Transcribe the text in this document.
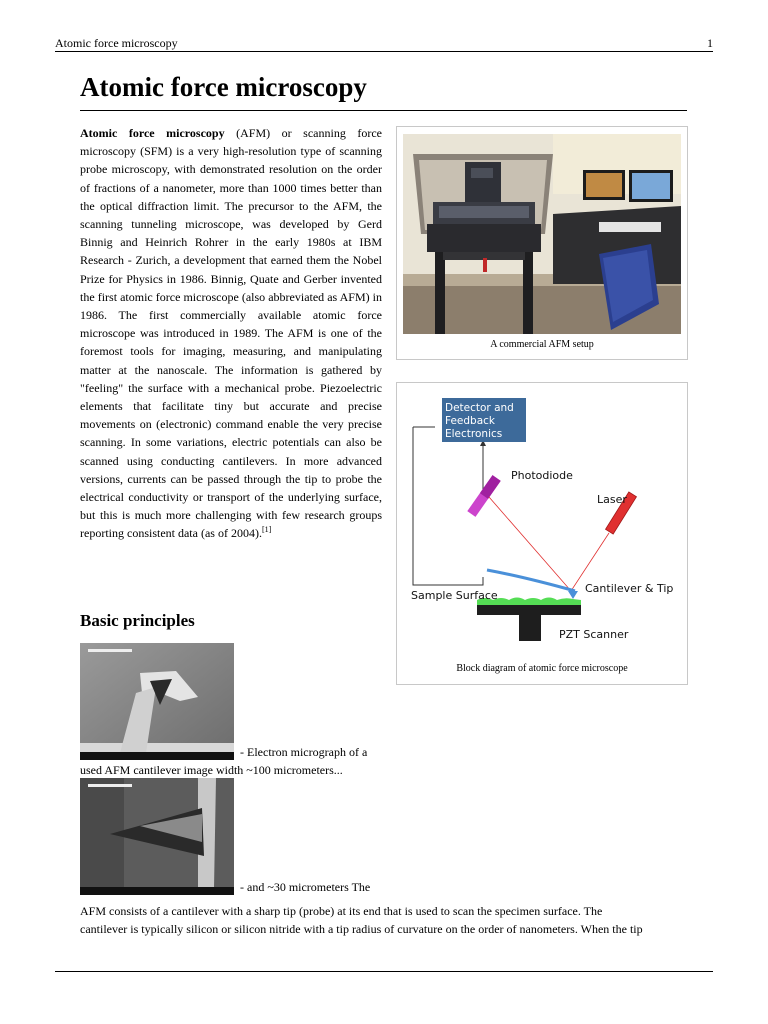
Atomic force microscopy	1
Atomic force microscopy

Atomic force microscopy (AFM) or scanning force microscopy (SFM) is a very high-resolution type of scanning probe microscopy, with demonstrated resolution on the order of fractions of a nanometer, more than 1000 times better than the optical diffraction limit. The precursor to the AFM, the scanning tunneling microscope, was developed by Gerd Binnig and Heinrich Rohrer in the early 1980s at IBM Research - Zurich, a development that earned them the Nobel Prize for Physics in 1986. Binnig, Quate and Gerber invented the first atomic force microscope (also abbreviated as AFM) in 1986. The first commercially available atomic force microscope was introduced in 1989. The AFM is one of the foremost tools for imaging, measuring, and manipulating matter at the nanoscale. The information is gathered by "feeling" the surface with a mechanical probe. Piezoelectric elements that facilitate tiny but accurate and precise movements on (electronic) command enable the very precise scanning. In some variations, electric potentials can also be scanned using conducting cantilevers. In more advanced versions, currents can be passed through the tip to probe the electrical conductivity or transport of the underlying surface, but this is much more challenging with few research groups reporting consistent data (as of 2004).[1]

A commercial AFM setup
Detector and
Feedback
Electronics
Photodiode
Laser
Cantilever & Tip
Sample Surface
PZT Scanner
Block diagram of atomic force microscope
Basic principles
- Electron micrograph of a
used AFM cantilever image width ~100 micrometers...
- and ~30 micrometers The
AFM consists of a cantilever with a sharp tip (probe) at its end that is used to scan the specimen surface. The
cantilever is typically silicon or silicon nitride with a tip radius of curvature on the order of nanometers. When the tip
